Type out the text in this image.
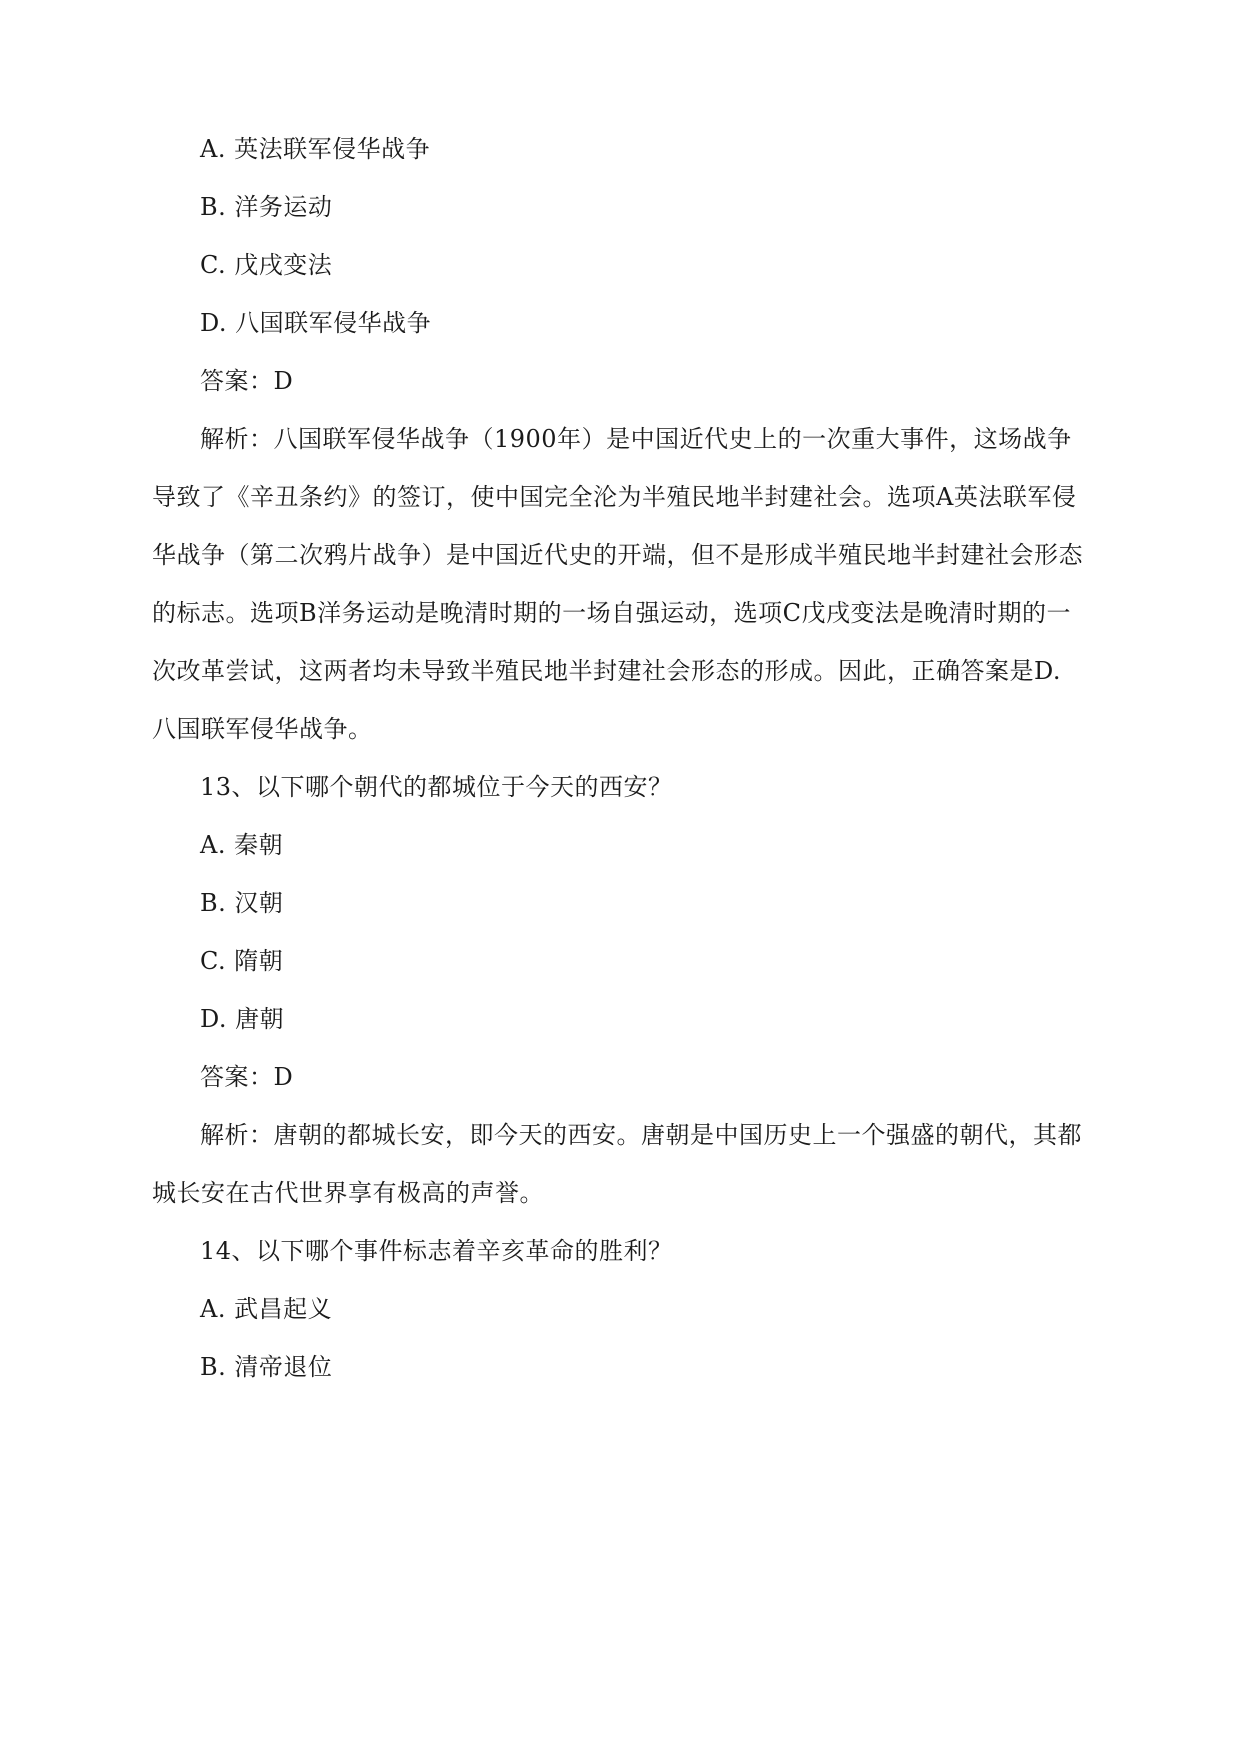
A. 英法联军侵华战争
B. 洋务运动
C. 戊戌变法
D. 八国联军侵华战争
答案：D
解析：八国联军侵华战争（1900年）是中国近代史上的一次重大事件，这场战争
导致了《辛丑条约》的签订，使中国完全沦为半殖民地半封建社会。选项A英法联军侵
华战争（第二次鸦片战争）是中国近代史的开端，但不是形成半殖民地半封建社会形态
的标志。选项B洋务运动是晚清时期的一场自强运动，选项C戊戌变法是晚清时期的一
次改革尝试，这两者均未导致半殖民地半封建社会形态的形成。因此，正确答案是D.
八国联军侵华战争。
13、以下哪个朝代的都城位于今天的西安？
A. 秦朝
B. 汉朝
C. 隋朝
D. 唐朝
答案：D
解析：唐朝的都城长安，即今天的西安。唐朝是中国历史上一个强盛的朝代，其都
城长安在古代世界享有极高的声誉。
14、以下哪个事件标志着辛亥革命的胜利？
A. 武昌起义
B. 清帝退位
